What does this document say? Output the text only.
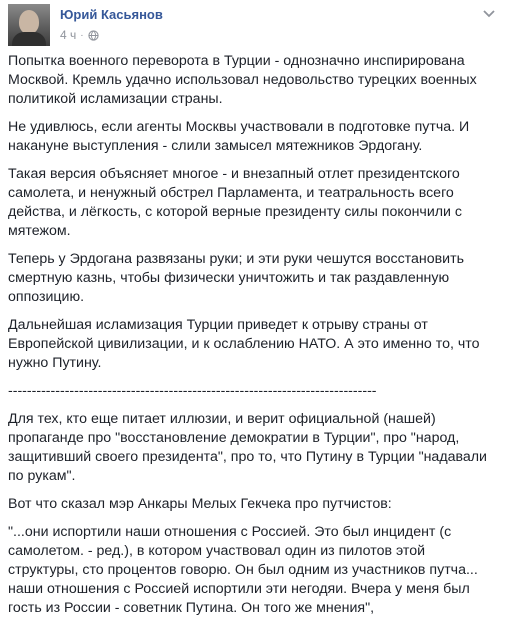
Юрий Касьянов
4 ч ·

Попытка военного переворота в Турции - однозначно инспирирована Москвой. Кремль удачно использовал недовольство турецких военных политикой исламизации страны.

Не удивлюсь, если агенты Москвы участвовали в подготовке путча. И накануне выступления - слили замысел мятежников Эрдогану.

Такая версия объясняет многое - и внезапный отлет президентского самолета, и ненужный обстрел Парламента, и театральность всего действа, и лёгкость, с которой верные президенту силы покончили с мятежом.

Теперь у Эрдогана развязаны руки; и эти руки чешутся восстановить смертную казнь, чтобы физически уничтожить и так раздавленную оппозицию.

Дальнейшая исламизация Турции приведет к отрыву страны от Европейской цивилизации, и к ослаблению НАТО. А это именно то, что нужно Путину.

------------------------------------------------------------------------------

Для тех, кто еще питает иллюзии, и верит официальной (нашей) пропаганде про "восстановление демократии в Турции", про "народ, защитивший своего президента", про то, что Путину в Турции "надавали по рукам".

Вот что сказал мэр Анкары Мелых Гекчека про путчистов:

"...они испортили наши отношения с Россией. Это был инцидент (с самолетом. - ред.), в котором участвовал один из пилотов этой структуры, сто процентов говорю. Он был одним из участников путча... наши отношения с Россией испортили эти негодяи. Вчера у меня был гость из России - советник Путина. Он того же мнения",
